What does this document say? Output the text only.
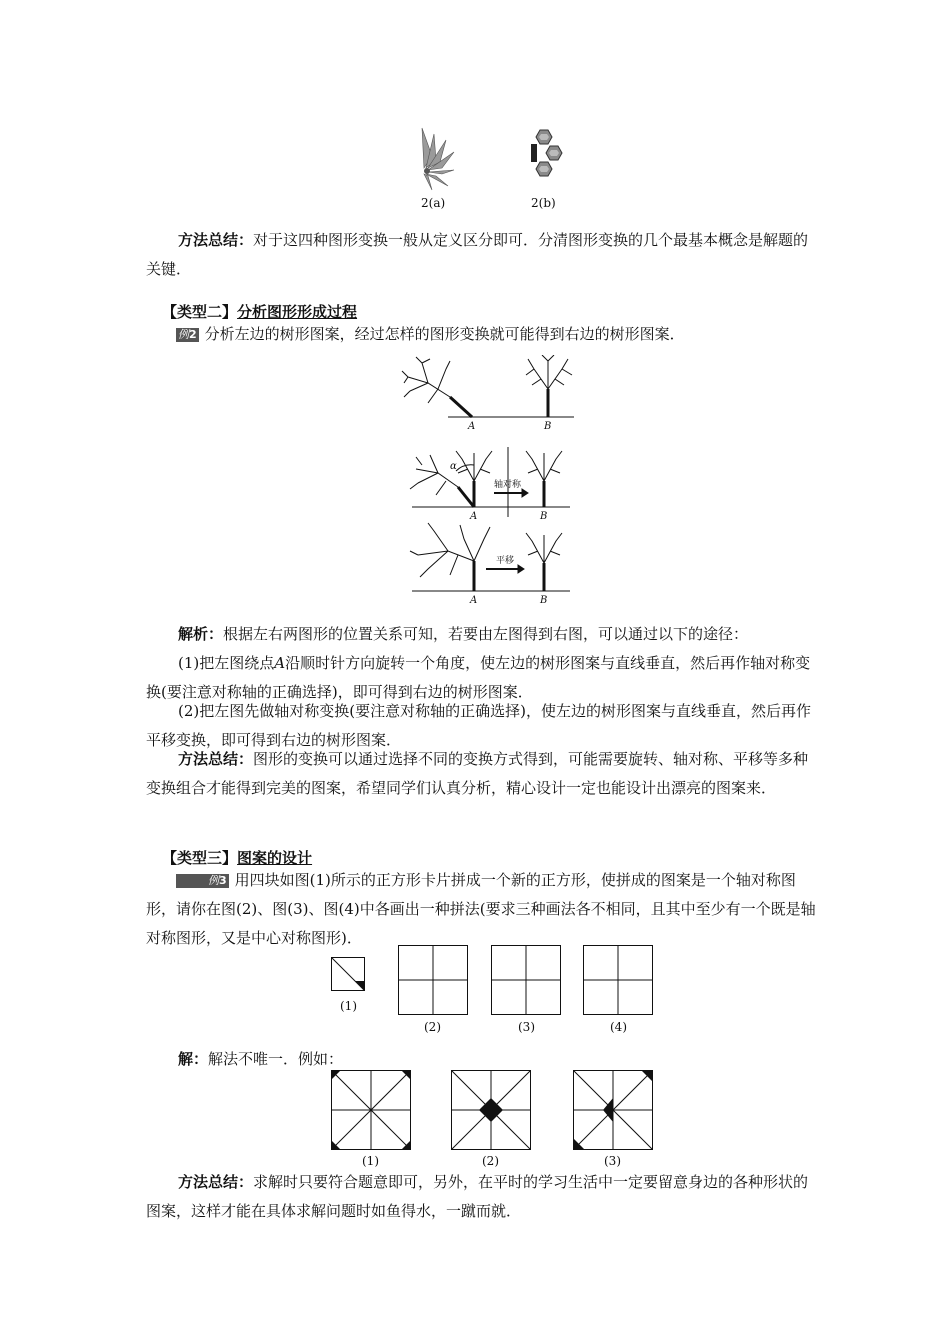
2(a)	2(b)

方法总结：对于这四种图形变换一般从定义区分即可．分清图形变换的几个最基本概念是解题的关键．

【类型二】分析图形形成过程

例2 分析左边的树形图案，经过怎样的图形变换就可能得到右边的树形图案．

A	B
α
A	B
A	B
轴对称
平移

解析：根据左右两图形的位置关系可知，若要由左图得到右图，可以通过以下的途径：

(1)把左图绕点A沿顺时针方向旋转一个角度，使左边的树形图案与直线垂直，然后再作轴对称变换(要注意对称轴的正确选择)，即可得到右边的树形图案．

(2)把左图先做轴对称变换(要注意对称轴的正确选择)，使左边的树形图案与直线垂直，然后再作平移变换，即可得到右边的树形图案．

方法总结：图形的变换可以通过选择不同的变换方式得到，可能需要旋转、轴对称、平移等多种变换组合才能得到完美的图案，希望同学们认真分析，精心设计一定也能设计出漂亮的图案来．

【类型三】图案的设计

例3 用四块如图(1)所示的正方形卡片拼成一个新的正方形，使拼成的图案是一个轴对称图形，请你在图(2)、图(3)、图(4)中各画出一种拼法(要求三种画法各不相同，且其中至少有一个既是轴对称图形，又是中心对称图形)．

(1)
(2)	(3)	(4)

解：解法不唯一．例如：

(1)	(2)	(3)

方法总结：求解时只要符合题意即可，另外，在平时的学习生活中一定要留意身边的各种形状的图案，这样才能在具体求解问题时如鱼得水，一蹴而就．
